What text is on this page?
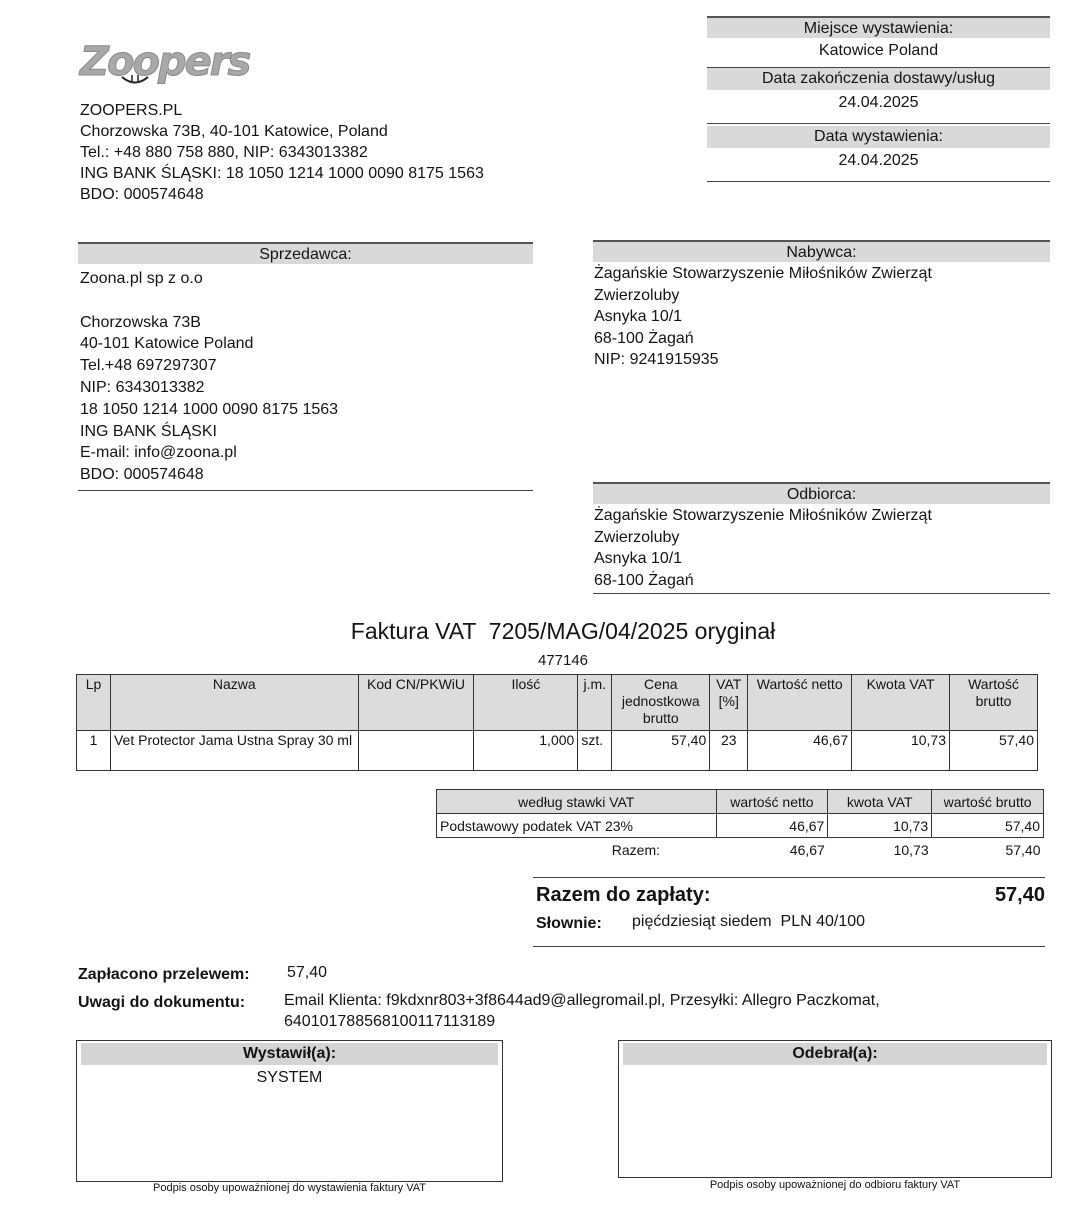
Zoopers
ZOOPERS.PL
Chorzowska 73B, 40-101 Katowice, Poland
Tel.: +48 880 758 880, NIP: 6343013382
ING BANK ŚLĄSKI: 18 1050 1214 1000 0090 8175 1563
BDO: 000574648
Miejsce wystawienia:
Katowice Poland
Data zakończenia dostawy/usług
24.04.2025
Data wystawienia:
24.04.2025
Sprzedawca:
Zoona.pl sp z o.o
Chorzowska 73B
40-101 Katowice Poland
Tel.+48 697297307
NIP: 6343013382
18 1050 1214 1000 0090 8175 1563
ING BANK ŚLĄSKI
E-mail: info@zoona.pl
BDO: 000574648
Nabywca:
Żagańskie Stowarzyszenie Miłośników Zwierząt
Zwierzoluby
Asnyka 10/1
68-100 Żagań
NIP: 9241915935
Odbiorca:
Żagańskie Stowarzyszenie Miłośników Zwierząt
Zwierzoluby
Asnyka 10/1
68-100 Żagań
Faktura VAT  7205/MAG/04/2025 oryginał
477146
Lp	Nazwa	Kod CN/PKWiU	Ilość	j.m.	Cena jednostkowa brutto	VAT [%]	Wartość netto	Kwota VAT	Wartość brutto
1	Vet Protector Jama Ustna Spray 30 ml		1,000	szt.	57,40	23	46,67	10,73	57,40
według stawki VAT	wartość netto	kwota VAT	wartość brutto
Podstawowy podatek VAT 23%	46,67	10,73	57,40
Razem:	46,67	10,73	57,40
Razem do zapłaty:	57,40
Słownie: pięćdziesiąt siedem  PLN 40/100
Zapłacono przelewem: 57,40
Uwagi do dokumentu: Email Klienta: f9kdxnr803+3f8644ad9@allegromail.pl, Przesyłki: Allegro Paczkomat,
640101788568100117113189
Wystawił(a):
SYSTEM
Podpis osoby upoważnionej do wystawienia faktury VAT
Odebrał(a):
Podpis osoby upoważnionej do odbioru faktury VAT
